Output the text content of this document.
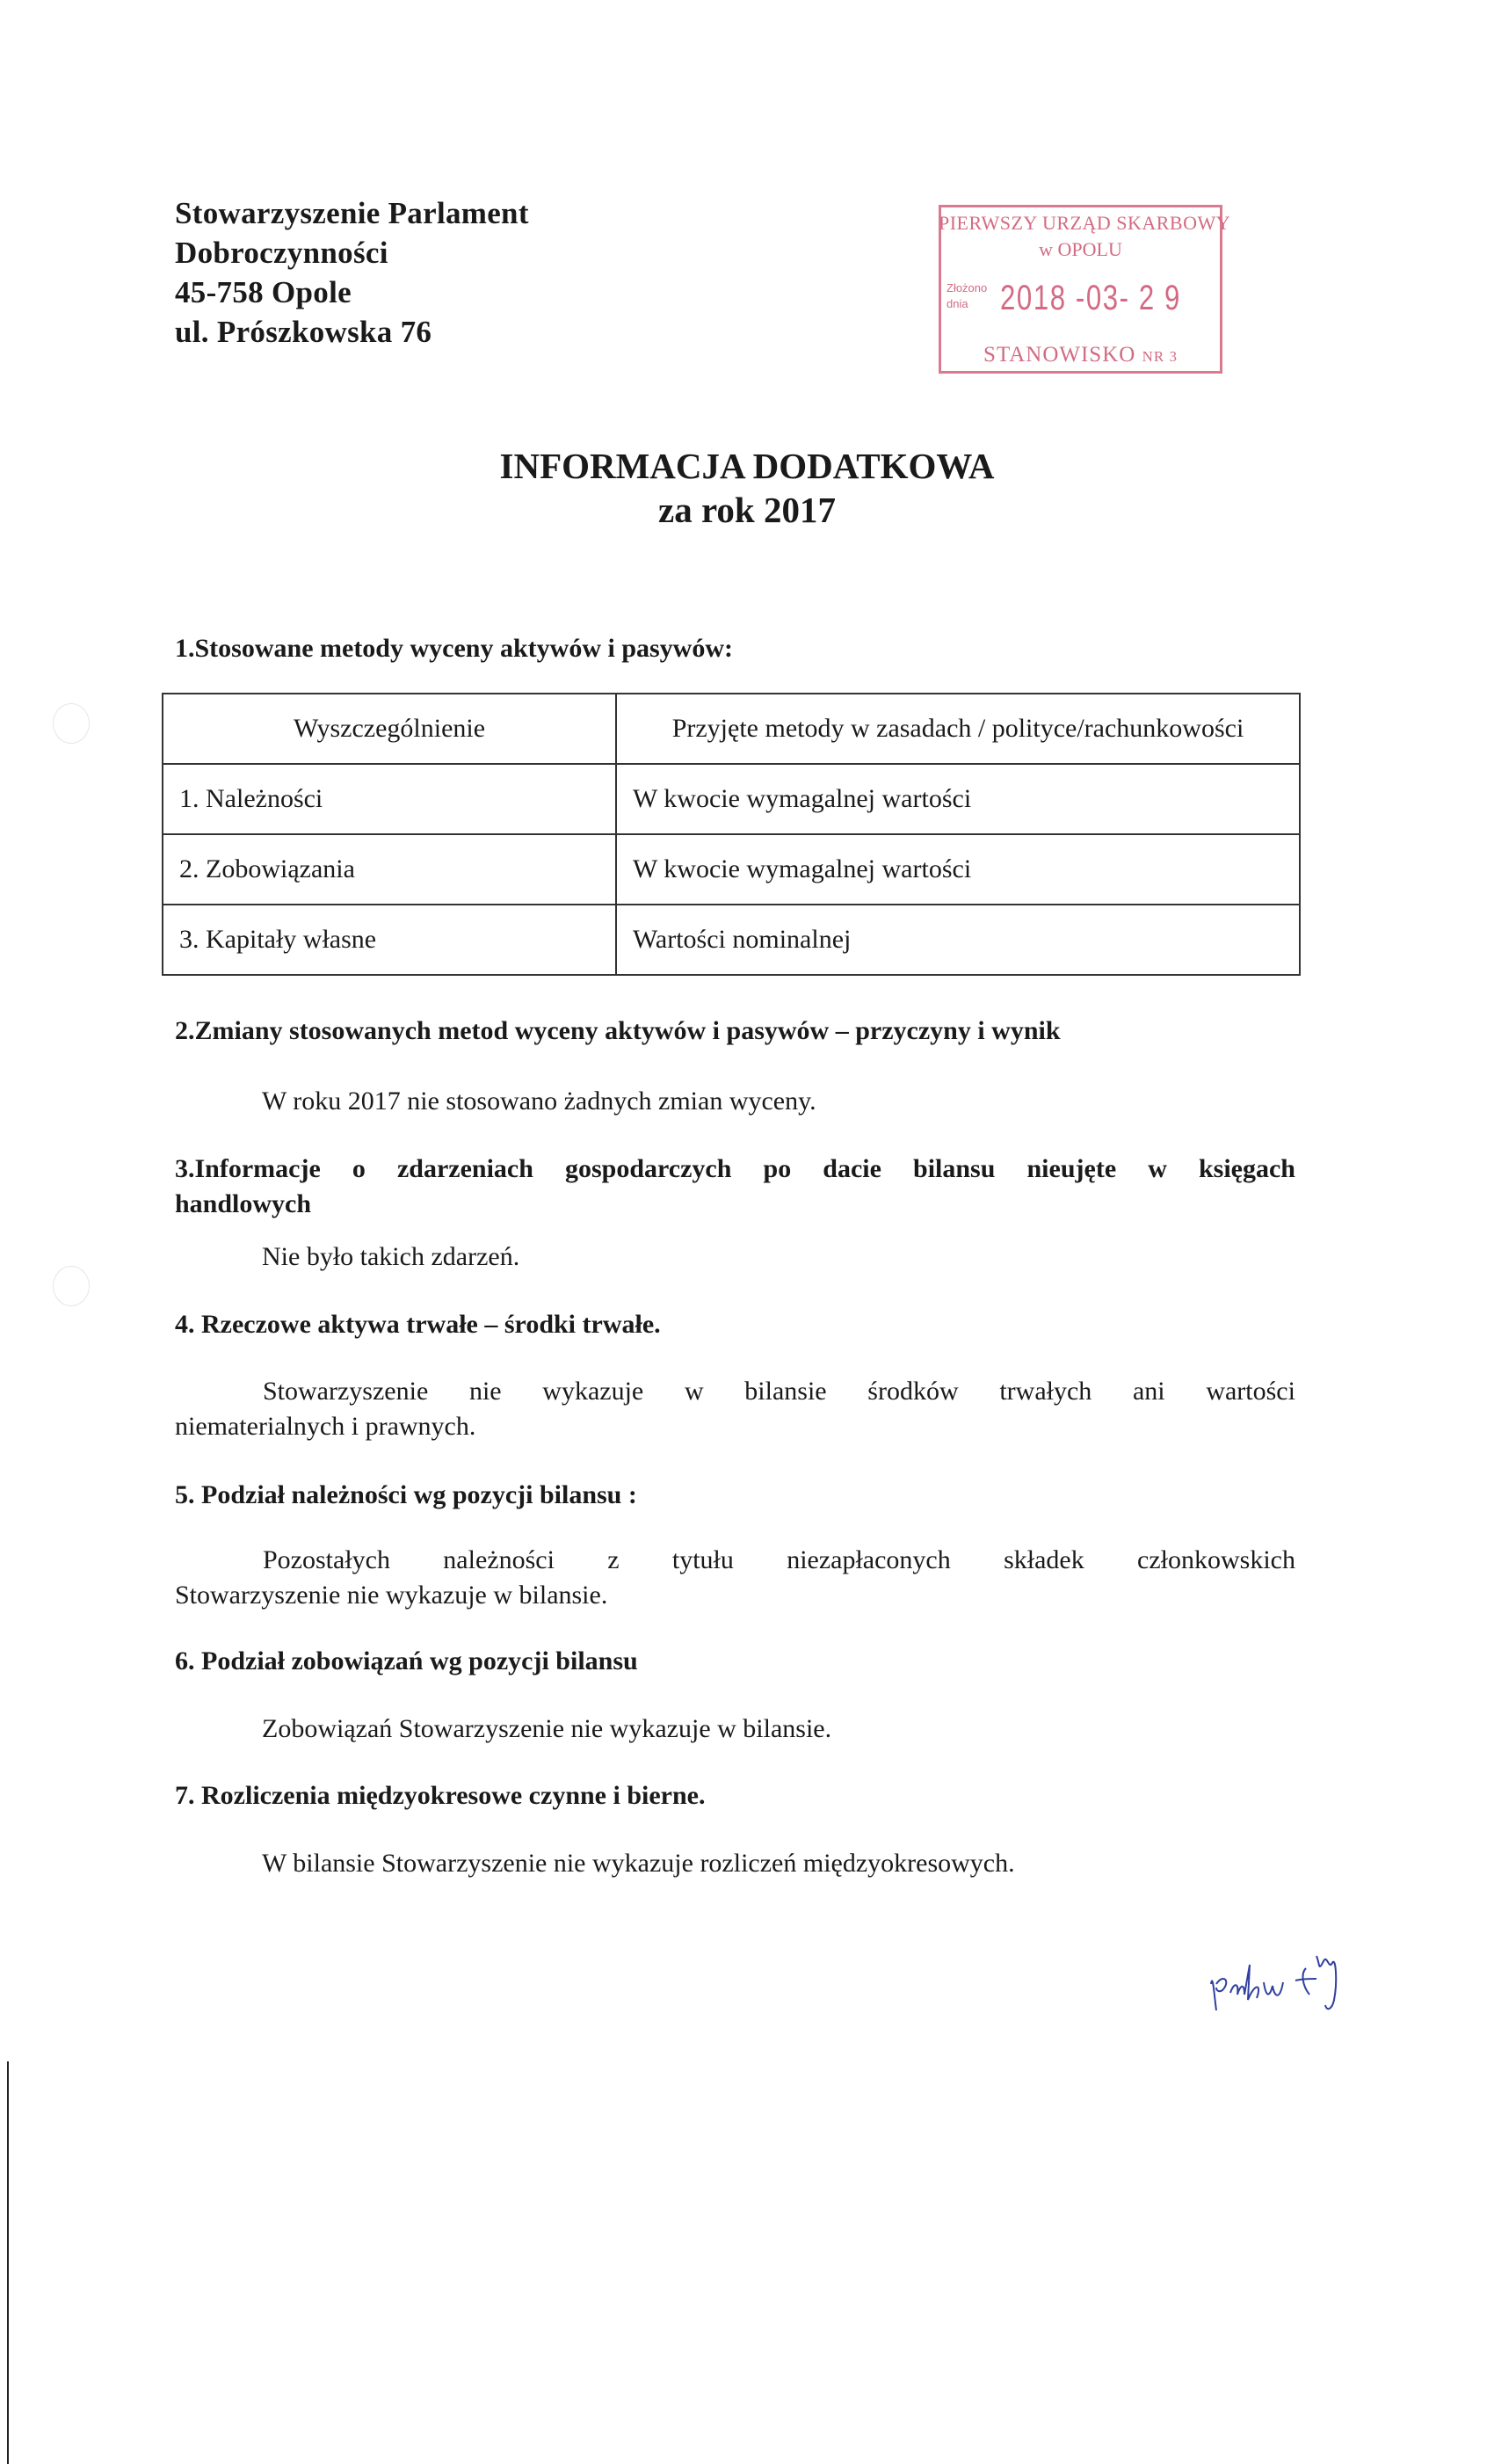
Stowarzyszenie Parlament
Dobroczynności
45-758 Opole
ul. Prószkowska 76
PIERWSZY URZĄD SKARBOWY
w OPOLU
Złożono
dnia 2018 -03- 2 9
STANOWISKO NR 3
INFORMACJA DODATKOWA
za rok 2017
1.Stosowane metody wyceny aktywów i pasywów:
Wyszczególnienie	Przyjęte metody w zasadach / polityce/rachunkowości
1. Należności	W kwocie wymagalnej wartości
2. Zobowiązania	W kwocie wymagalnej wartości
3. Kapitały własne	Wartości nominalnej
2.Zmiany stosowanych metod wyceny aktywów i pasywów – przyczyny i wynik
W roku 2017 nie stosowano żadnych zmian wyceny.
3.Informacje o zdarzeniach gospodarczych po dacie bilansu nieujęte w księgach
handlowych
Nie było takich zdarzeń.
4. Rzeczowe aktywa trwałe – środki trwałe.
Stowarzyszenie nie wykazuje w bilansie środków trwałych ani wartości
niematerialnych i prawnych.
5. Podział należności wg pozycji bilansu :
Pozostałych należności z tytułu niezapłaconych składek członkowskich
Stowarzyszenie nie wykazuje w bilansie.
6. Podział zobowiązań wg pozycji bilansu
Zobowiązań Stowarzyszenie nie wykazuje w bilansie.
7. Rozliczenia międzyokresowe czynne i bierne.
W bilansie Stowarzyszenie nie wykazuje rozliczeń międzyokresowych.
